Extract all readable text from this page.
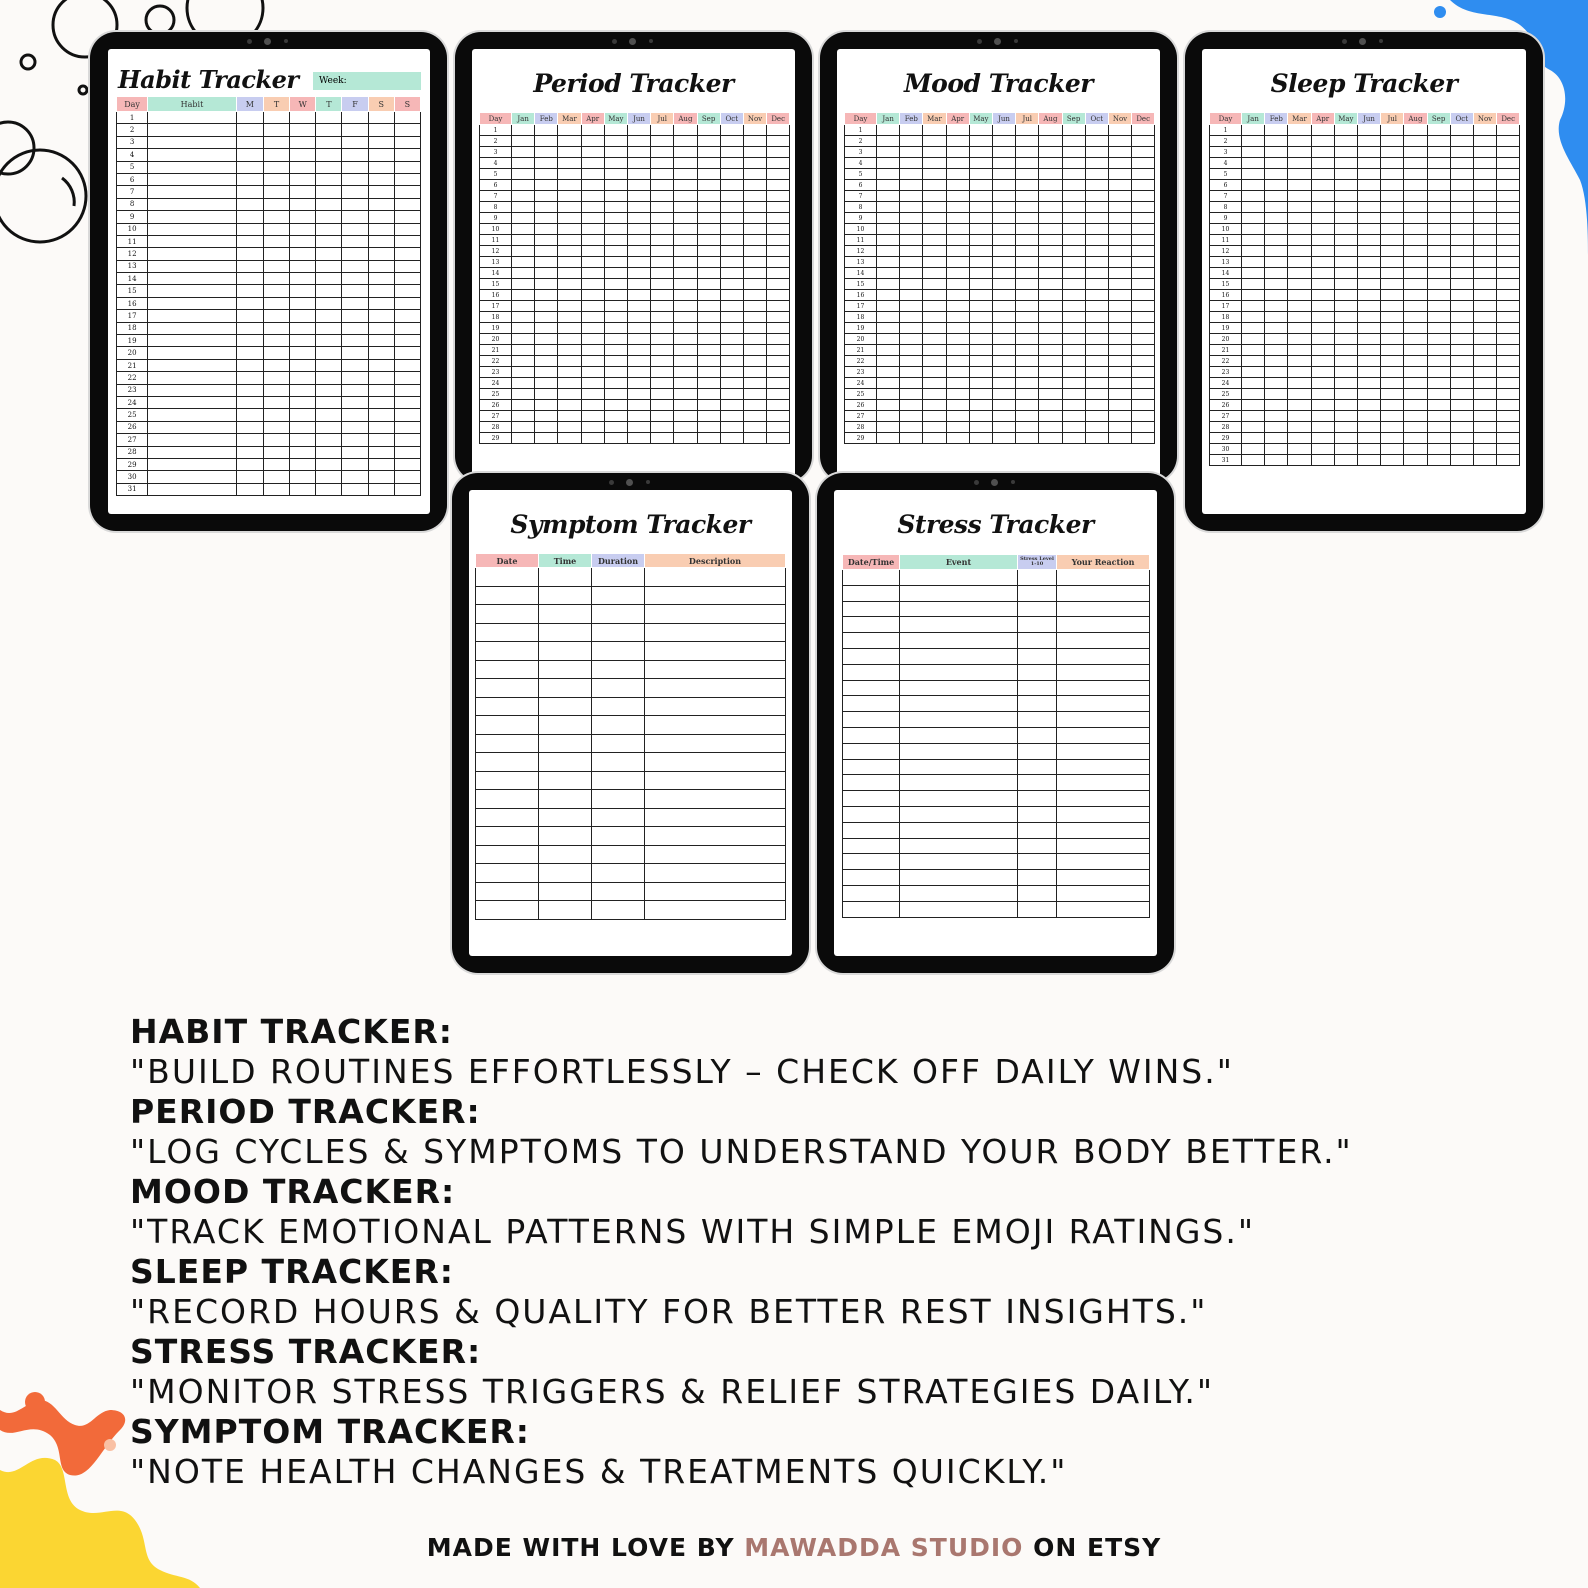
Habit Tracker	Week:
Day	Habit	M	T	W	T	F	S	S
1								
2								
3								
4								
5								
6								
7								
8								
9								
10								
11								
12								
13								
14								
15								
16								
17								
18								
19								
20								
21								
22								
23								
24								
25								
26								
27								
28								
29								
30								
31								
Period Tracker
Day	Jan	Feb	Mar	Apr	May	Jun	Jul	Aug	Sep	Oct	Nov	Dec
1												
2												
3												
4												
5												
6												
7												
8												
9												
10												
11												
12												
13												
14												
15												
16												
17												
18												
19												
20												
21												
22												
23												
24												
25												
26												
27												
28												
29												
Mood Tracker
Day	Jan	Feb	Mar	Apr	May	Jun	Jul	Aug	Sep	Oct	Nov	Dec
1												
2												
3												
4												
5												
6												
7												
8												
9												
10												
11												
12												
13												
14												
15												
16												
17												
18												
19												
20												
21												
22												
23												
24												
25												
26												
27												
28												
29												
Sleep Tracker
Day	Jan	Feb	Mar	Apr	May	Jun	Jul	Aug	Sep	Oct	Nov	Dec
1												
2												
3												
4												
5												
6												
7												
8												
9												
10												
11												
12												
13												
14												
15												
16												
17												
18												
19												
20												
21												
22												
23												
24												
25												
26												
27												
28												
29												
30												
31												
Symptom Tracker
Date	Time	Duration	Description

Stress Tracker
Date/Time	Event	Stress Level 1-10	Your Reaction

HABIT TRACKER:
"BUILD ROUTINES EFFORTLESSLY – CHECK OFF DAILY WINS."
PERIOD TRACKER:
"LOG CYCLES & SYMPTOMS TO UNDERSTAND YOUR BODY BETTER."
MOOD TRACKER:
"TRACK EMOTIONAL PATTERNS WITH SIMPLE EMOJI RATINGS."
SLEEP TRACKER:
"RECORD HOURS & QUALITY FOR BETTER REST INSIGHTS."
STRESS TRACKER:
"MONITOR STRESS TRIGGERS & RELIEF STRATEGIES DAILY."
SYMPTOM TRACKER:
"NOTE HEALTH CHANGES & TREATMENTS QUICKLY."
MADE WITH LOVE BY MAWADDA STUDIO ON ETSY
